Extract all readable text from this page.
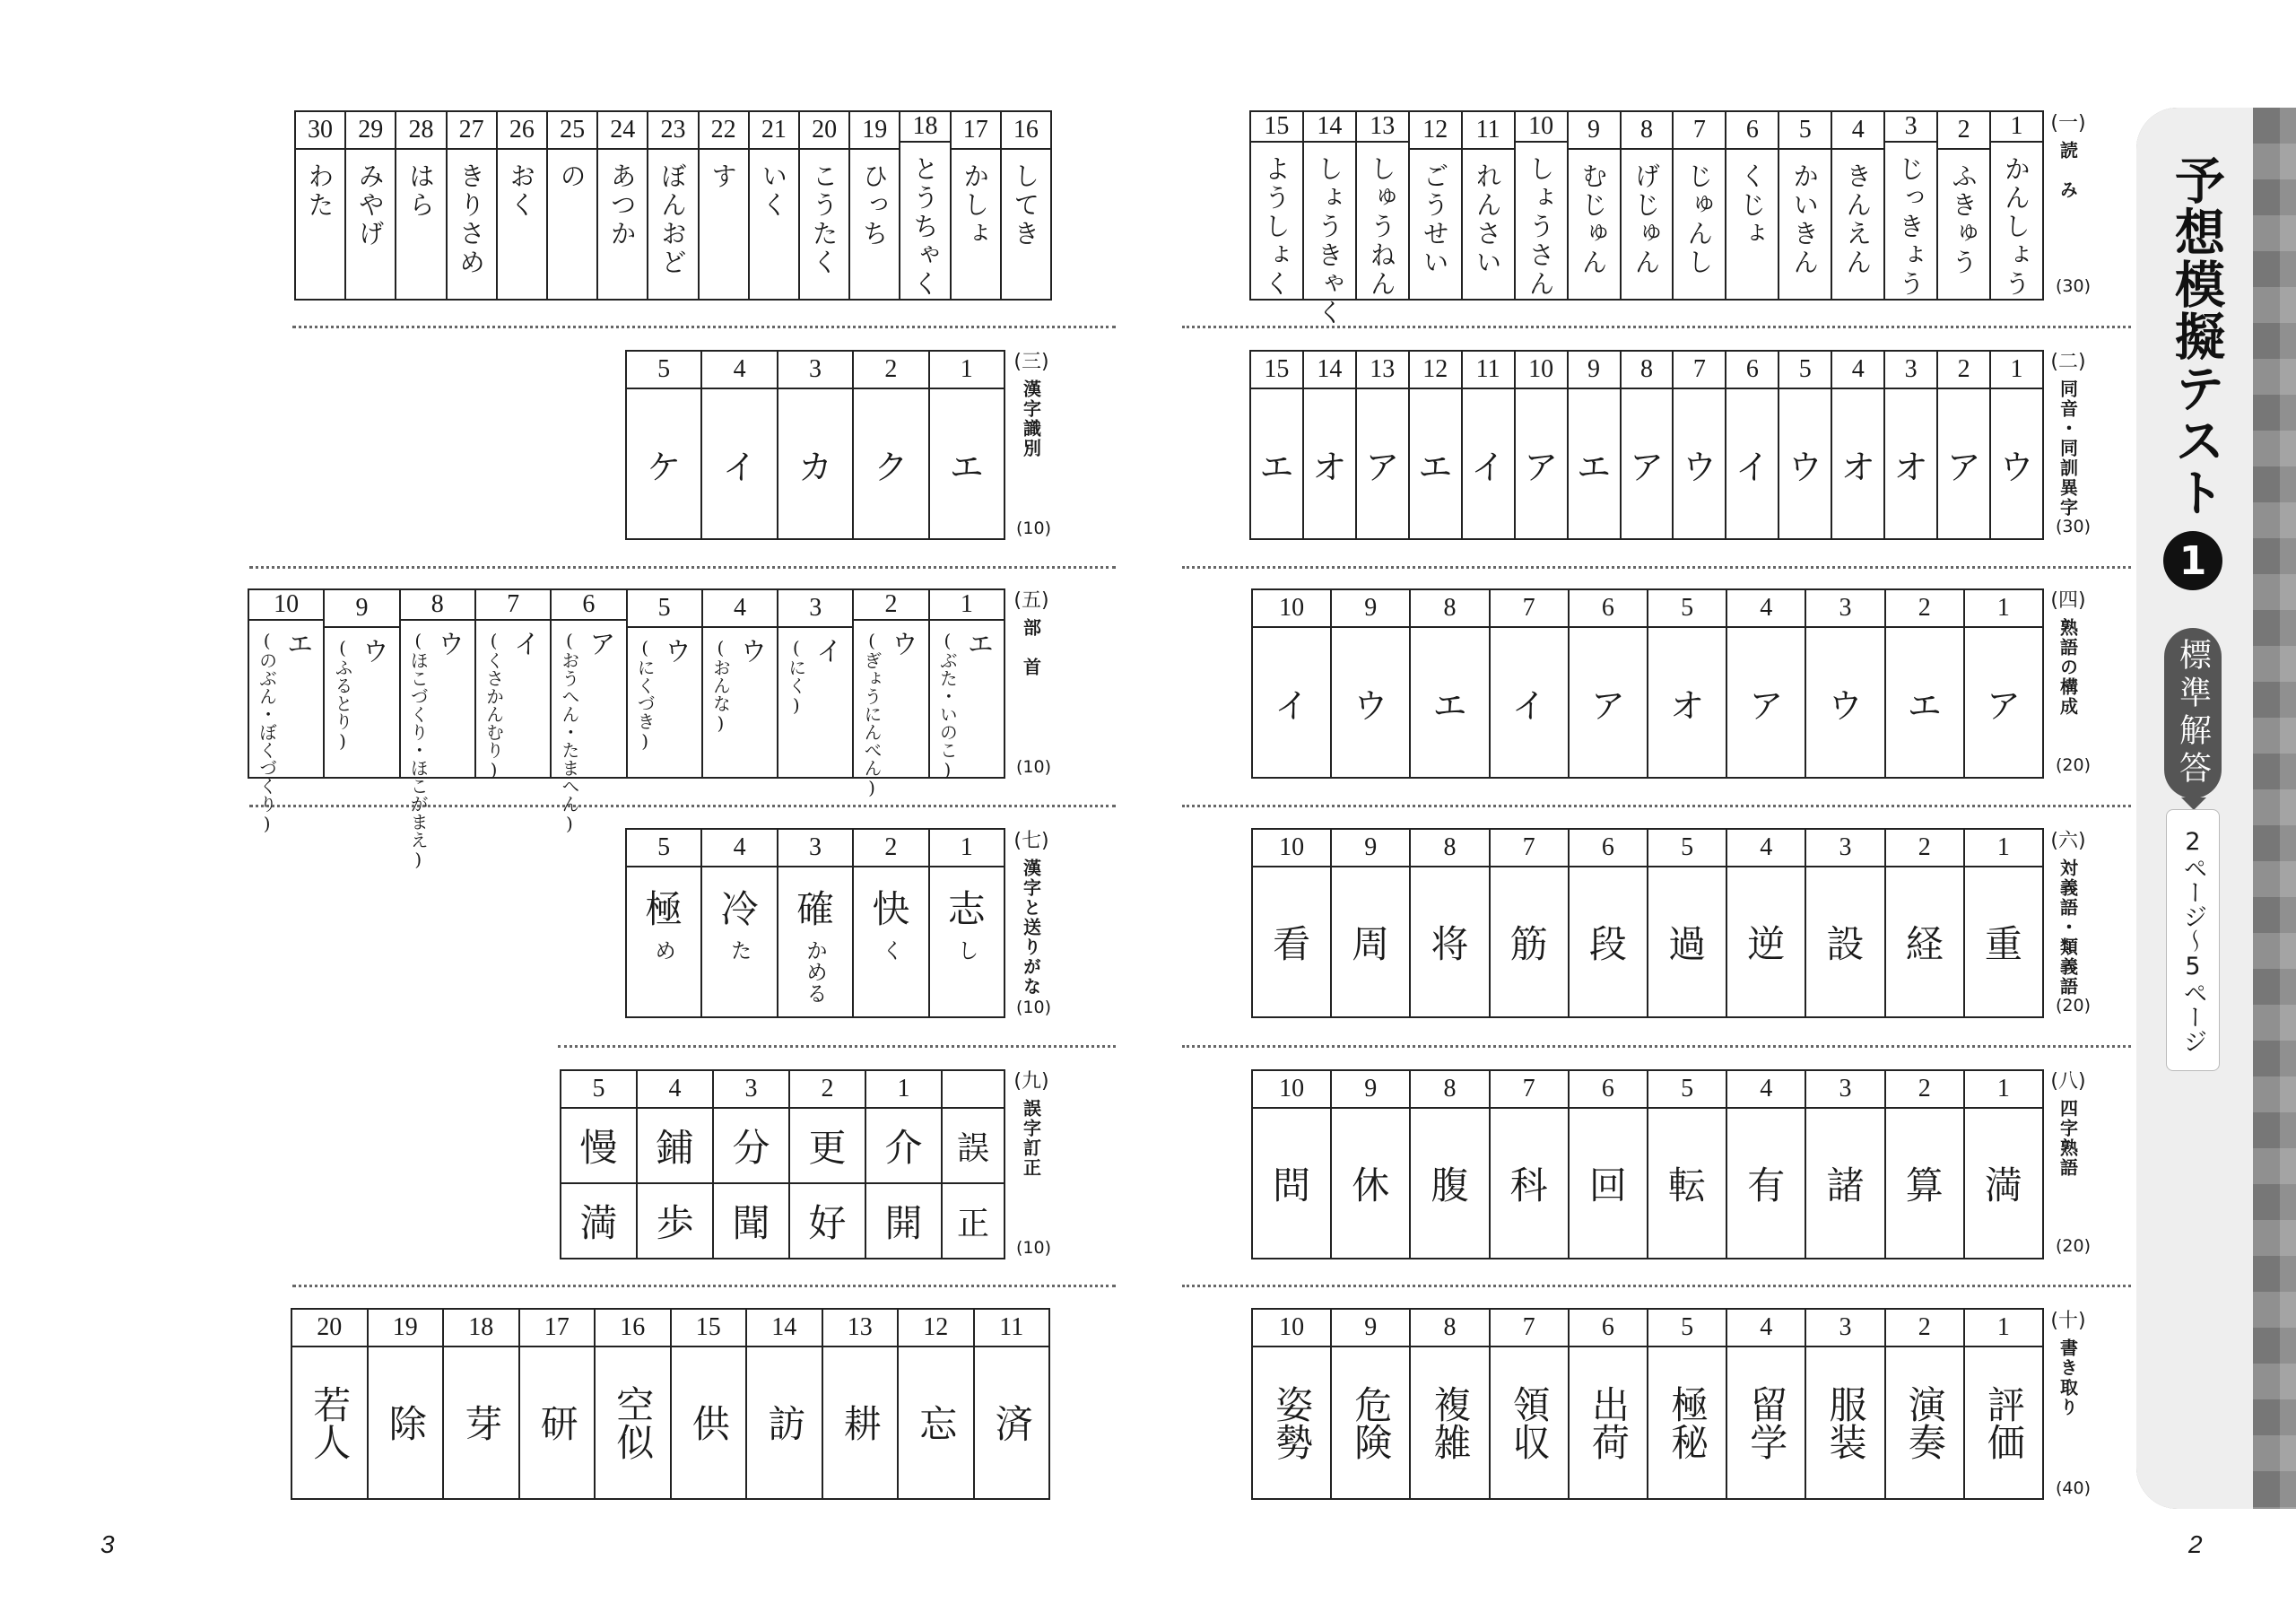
予想模擬テスト
1
標準解答
2ページ〜5ページ
1
かんしょう
2
ふきゅう
3
じっきょう
4
きんえん
5
かいきん
6
くじょ
7
じゅんし
8
げじゅん
9
むじゅん
10
しょうさん
11
れんさい
12
ごうせい
13
しゅうねん
14
しょうきゃく
15
ようしょく
(一)
読　み
(30)
1
ウ
2
ア
3
オ
4
オ
5
ウ
6
イ
7
ウ
8
ア
9
エ
10
ア
11
イ
12
エ
13
ア
14
オ
15
エ
(二)
同音・同訓異字
(30)
1
ア
2
エ
3
ウ
4
ア
5
オ
6
ア
7
イ
8
エ
9
ウ
10
イ
(四)
熟語の構成
(20)
1
重
2
経
3
設
4
逆
5
過
6
段
7
筋
8
将
9
周
10
看
(六)
対義語・類義語
(20)
1
満
2
算
3
諸
4
有
5
転
6
回
7
科
8
腹
9
休
10
問
(八)
四字熟語
(20)
1
評価
2
演奏
3
服装
4
留学
5
極秘
6
出荷
7
領収
8
複雑
9
危険
10
姿勢
(十)
書き取り
(40)
16
してき
17
かしょ
18
とうちゃく
19
ひっち
20
こうたく
21
いく
22
す
23
ぼんおど
24
あつか
25
の
26
おく
27
きりさめ
28
はら
29
みやげ
30
わた
1
エ
2
ク
3
カ
4
イ
5
ケ
(三)
漢字識別
(10)
1
エ
(ぶた・いのこ)
2
ウ
(ぎょうにんべん)
3
イ
(にく)
4
ウ
(おんな)
5
ウ
(にくづき)
6
ア
(おうへん・たまへん)
7
イ
(くさかんむり)
8
ウ
(ほこづくり・ほこがまえ)
9
ウ
(ふるとり)
10
エ
(のぶん・ぼくづくり)
(五)
部　首
(10)
1
志
し
2
快
く
3
確
かめる
4
冷
た
5
極
め
(七)
漢字と送りがな
(10)
誤
正
1
介
開
2
更
好
3
分
聞
4
鋪
歩
5
慢
満
(九)
誤字訂正
(10)
11
済
12
忘
13
耕
14
訪
15
供
16
空似
17
研
18
芽
19
除
20
若人
3	2
